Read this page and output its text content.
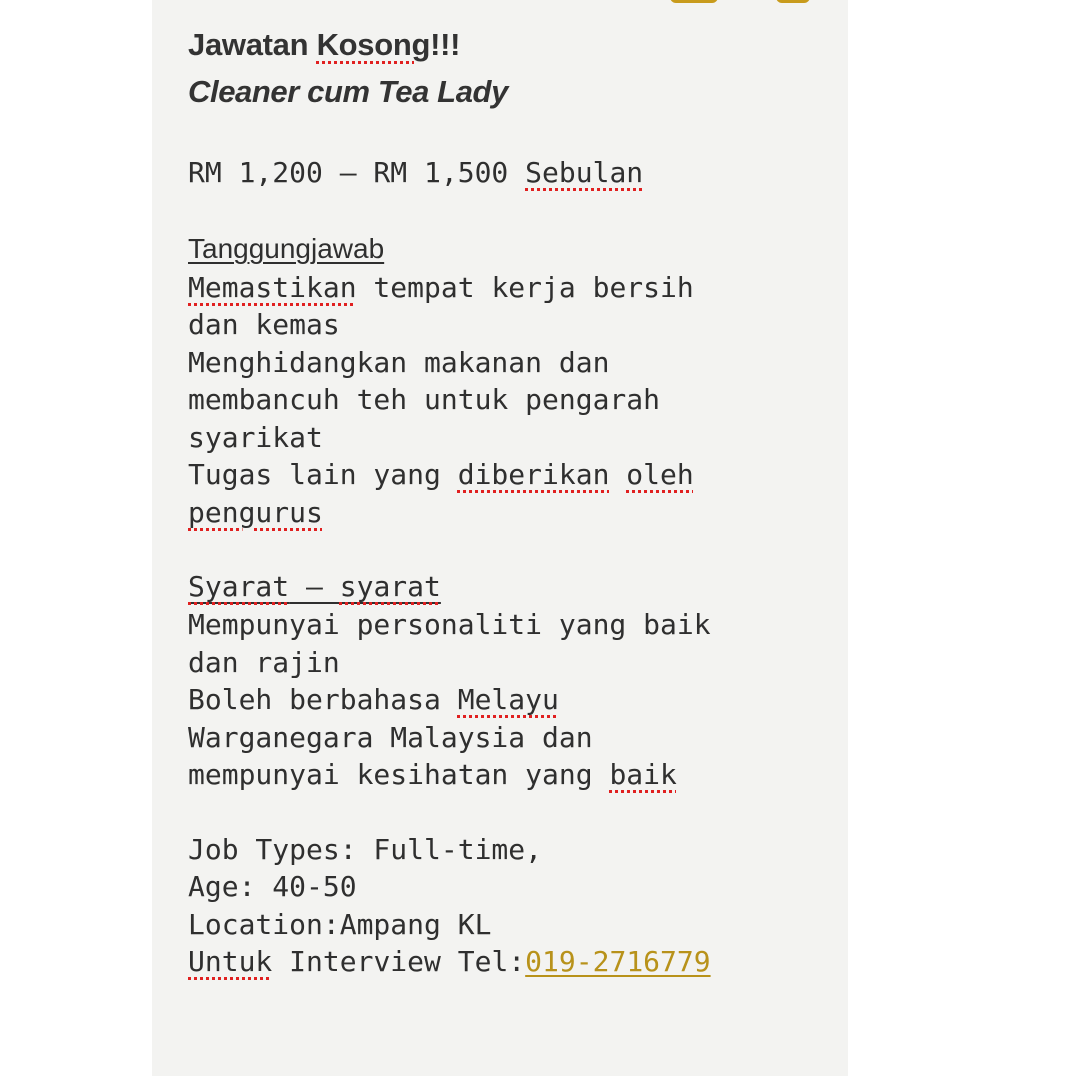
Jawatan Kosong!!!
Cleaner cum Tea Lady
RM 1,200 – RM 1,500 Sebulan
Tanggungjawab
Memastikan tempat kerja bersih
dan kemas
Menghidangkan makanan dan
membancuh teh untuk pengarah
syarikat
Tugas lain yang diberikan oleh
pengurus
Syarat – syarat
Mempunyai personaliti yang baik
dan rajin
Boleh berbahasa Melayu
Warganegara Malaysia dan
mempunyai kesihatan yang baik
Job Types: Full-time,
Age: 40-50
Location:Ampang KL
Untuk Interview Tel:019-2716779
